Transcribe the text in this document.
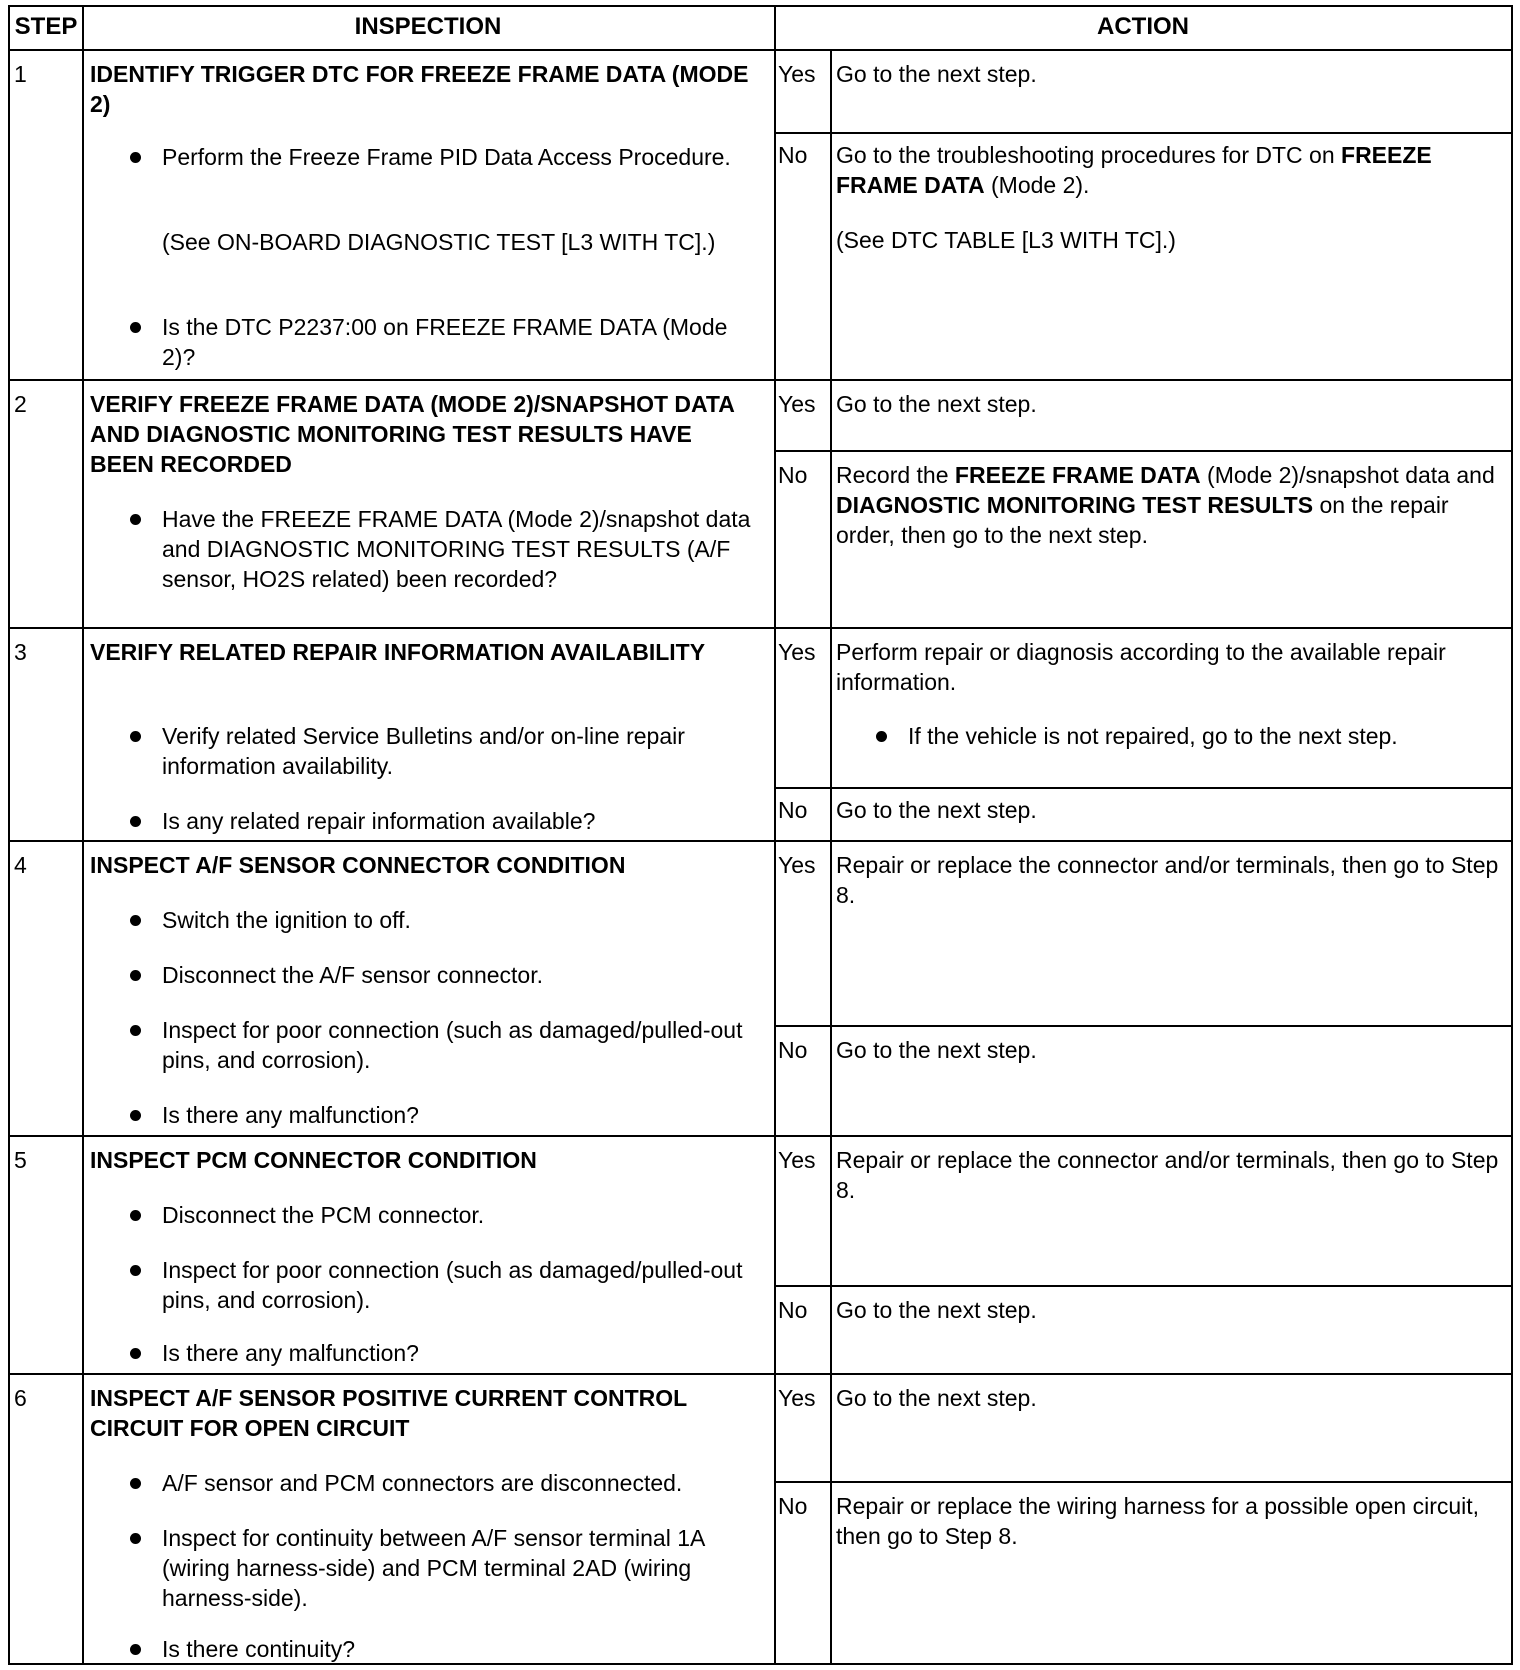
STEP	INSPECTION	ACTION
1	IDENTIFY TRIGGER DTC FOR FREEZE FRAME DATA (MODE 2)
Perform the Freeze Frame PID Data Access Procedure.
(See ON-BOARD DIAGNOSTIC TEST [L3 WITH TC].)
Is the DTC P2237:00 on FREEZE FRAME DATA (Mode 2)?
Yes Go to the next step.
No Go to the troubleshooting procedures for DTC on FREEZE FRAME DATA (Mode 2).
(See DTC TABLE [L3 WITH TC].)
2	VERIFY FREEZE FRAME DATA (MODE 2)/SNAPSHOT DATA AND DIAGNOSTIC MONITORING TEST RESULTS HAVE BEEN RECORDED
Have the FREEZE FRAME DATA (Mode 2)/snapshot data and DIAGNOSTIC MONITORING TEST RESULTS (A/F sensor, HO2S related) been recorded?
Yes Go to the next step.
No Record the FREEZE FRAME DATA (Mode 2)/snapshot data and DIAGNOSTIC MONITORING TEST RESULTS on the repair order, then go to the next step.
3	VERIFY RELATED REPAIR INFORMATION AVAILABILITY
Verify related Service Bulletins and/or on-line repair information availability.
Is any related repair information available?
Yes Perform repair or diagnosis according to the available repair information.
If the vehicle is not repaired, go to the next step.
No Go to the next step.
4	INSPECT A/F SENSOR CONNECTOR CONDITION
Switch the ignition to off.
Disconnect the A/F sensor connector.
Inspect for poor connection (such as damaged/pulled-out pins, and corrosion).
Is there any malfunction?
Yes Repair or replace the connector and/or terminals, then go to Step 8.
No Go to the next step.
5	INSPECT PCM CONNECTOR CONDITION
Disconnect the PCM connector.
Inspect for poor connection (such as damaged/pulled-out pins, and corrosion).
Is there any malfunction?
Yes Repair or replace the connector and/or terminals, then go to Step 8.
No Go to the next step.
6	INSPECT A/F SENSOR POSITIVE CURRENT CONTROL CIRCUIT FOR OPEN CIRCUIT
A/F sensor and PCM connectors are disconnected.
Inspect for continuity between A/F sensor terminal 1A (wiring harness-side) and PCM terminal 2AD (wiring harness-side).
Is there continuity?
Yes Go to the next step.
No Repair or replace the wiring harness for a possible open circuit, then go to Step 8.
